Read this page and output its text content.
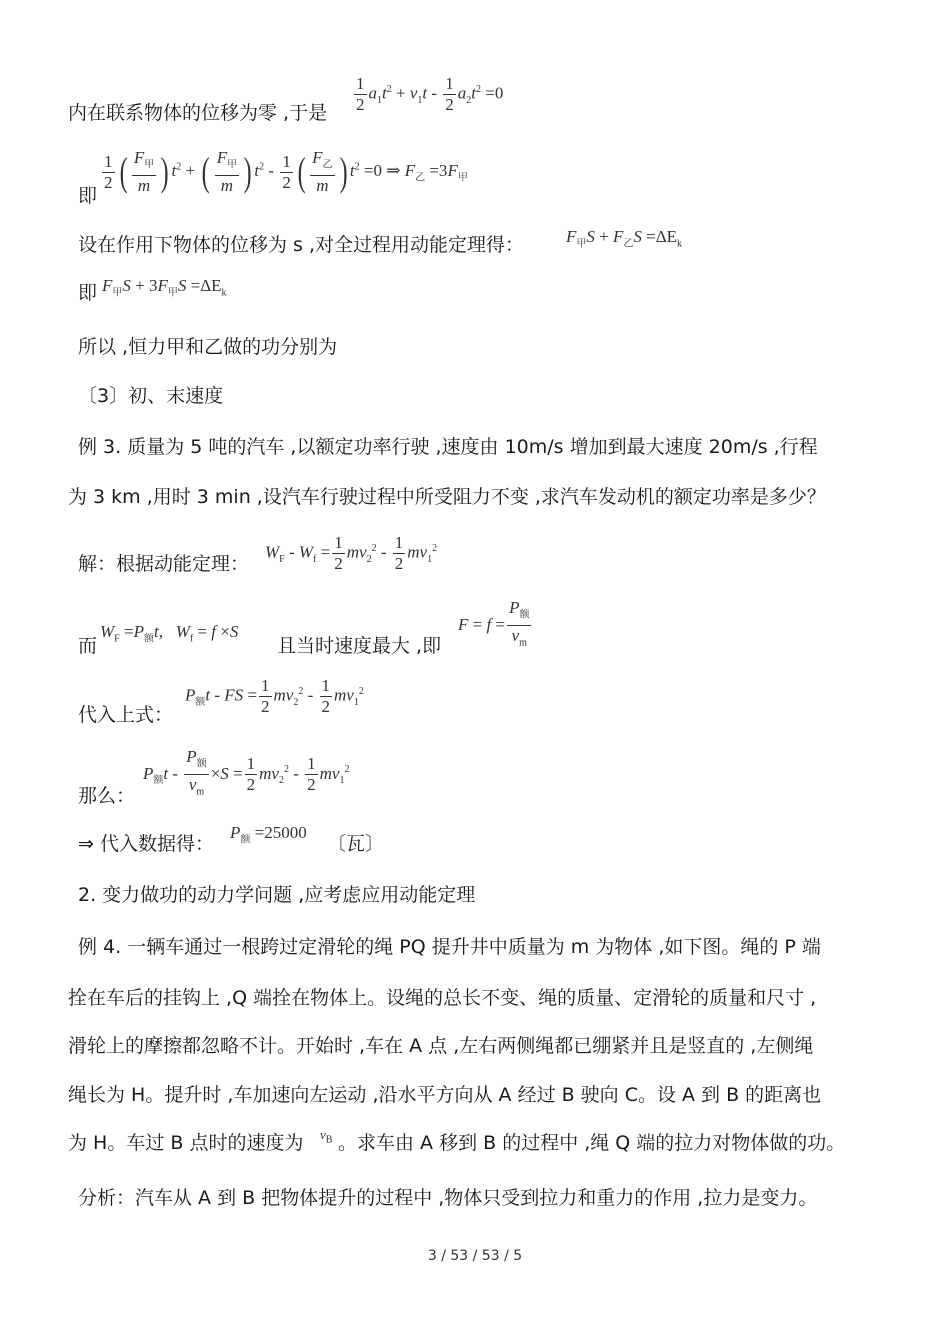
内在联系物体的位移为零 ,于是 $\frac{1}{2} a_1t^2 + v_1t - \frac{1}{2} a_2t^2 =0$
即
$\frac{1}{2}$ ( $F_甲$
m ) $t^2$ + ( $F_甲$
m ) $t^2 - \frac{1}{2}$ ( $F_乙$
m ) $t^2 =0$ ⇒ $F_乙 =3F_甲$
设在作用下物体的位移为 s ,对全过程用动能定理得： $F_甲S + F_乙S =\Delta E_k$
即 $F_甲S + 3F_甲S =\Delta E_k$
所以 ,恒力甲和乙做的功分别为
〔3〕初、末速度
例 3. 质量为 5 吨的汽车 ,以额定功率行驶 ,速度由 10m/s 增加到最大速度 20m/s ,行程
为 3 km ,用时 3 min ,设汽车行驶过程中所受阻力不变 ,求汽车发动机的额定功率是多少？
解：根据动能定理：
$W_F - W_f = \frac{1}{2} mv_2^2 - \frac{1}{2} mv_1^2$
而
$W_F =P_额t$,   $W_f = f \times S$
且当时速度最大 ,即
F = f =
$P_额$
$v_m$
代入上式：
$P_额t$ - FS = $\frac{1}{2} mv_2^2 - \frac{1}{2} mv_1^2$
那么：
$P_额t$ -
$P_额$
$v_m$
$\times S = \frac{1}{2} mv_2^2 - \frac{1}{2} mv_1^2$
⇒ 代入数据得：
$P_额 =25000$
〔瓦〕
2. 变力做功的动力学问题 ,应考虑应用动能定理
例 4. 一辆车通过一根跨过定滑轮的绳 PQ 提升井中质量为 m 为物体 ,如下图。绳的 P 端
拴在车后的挂钩上 ,Q 端拴在物体上。设绳的总长不变、绳的质量、定滑轮的质量和尺寸 ,
滑轮上的摩擦都忽略不计。开始时 ,车在 A 点 ,左右两侧绳都已绷紧并且是竖直的 ,左侧绳
绳长为 H。提升时 ,车加速向左运动 ,沿水平方向从 A 经过 B 驶向 C。设 A 到 B 的距离也
为 H。车过 B 点时的速度为 $v_B$ 。求车由 A 移到 B 的过程中 ,绳 Q 端的拉力对物体做的功。
分析：汽车从 A 到 B 把物体提升的过程中 ,物体只受到拉力和重力的作用 ,拉力是变力。
3 / 53 / 53 / 5
